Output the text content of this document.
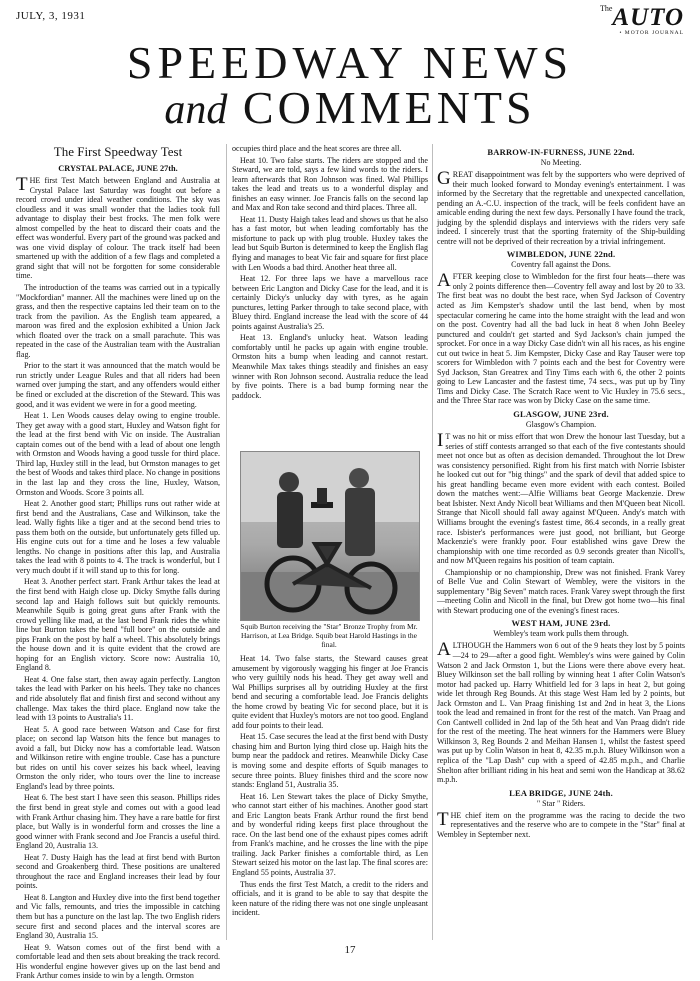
JULY, 3, 1931
$^{The}$AUTO
• MOTOR JOURNAL
SPEEDWAY NEWS
and COMMENTS
The First Speedway Test
CRYSTAL PALACE, JUNE 27th.

THE first Test Match between England and Australia at Crystal Palace last Saturday was fought out before a record crowd under ideal weather conditions. The sky was cloudless and it was small wonder that the ladies took full advantage to display their best frocks. The men folk were almost compelled by the heat to discard their coats and the effect was wonderful. Every part of the ground was packed and was one vivid display of colour. The track itself had been smartened up with the addition of a few flags and completed a grand sight that will not be forgotten for some considerable time.

The introduction of the teams was carried out in a typically "Mockfordian" manner. All the machines were lined up on the grass, and then the respective captains led their team on to the track from the pavilion. As the English team appeared, a maroon was fired and the explosion exhibited a Union Jack which floated over the track on a small parachute. This was repeated in the case of the Australian team with the Australian flag.

Prior to the start it was announced that the match would be run strictly under League Rules and that all riders had been warned over jumping the start, and any offenders would either be fined or excluded at the discretion of the Steward. This was good, and it was evident we were in for a good meeting.

Heat 1. Len Woods causes delay owing to engine trouble. They get away with a good start, Huxley and Watson fight for the lead at the first bend with Vic on inside. The Australian captain comes out of the bend with a lead of about one length with Ormston and Woods having a good tussle for third place. Third lap, Huxley still in the lead, but Ormston manages to get the best of Woods and takes third place. No change in positions in the last lap and they cross the line, Huxley, Watson, Ormston and Woods. Score 3 points all.

Heat 2. Another good start; Phillips runs out rather wide at first bend and the Australians, Case and Wilkinson, take the lead. Wally fights like a tiger and at the second bend tries to pass them both on the outside, but unfortunately gets filled up. His engine cuts out for a time and he loses a few valuable lengths. No change in positions after this lap, and Australia takes the lead with 8 points to 4. The track is wonderful, but I very much doubt if it will stand up to this for long.

Heat 3. Another perfect start. Frank Arthur takes the lead at the first bend with Haigh close up. Dicky Smythe falls during second lap and Haigh follows suit but quickly remounts. Meanwhile Squib is going great guns after Frank with the crowd yelling like mad, at the last bend Frank rides the white line but Burton takes the bend "full bore" on the outside and pips Frank on the post by half a wheel. This absolutely brings the house down and it is quite evident that the crowd are hoping for an English victory. Score now: Australia 10, England 8.

Heat 4. One false start, then away again perfectly. Langton takes the lead with Parker on his heels. They take no chances and ride absolutely flat and finish first and second without any challenge. Max takes the third place. England now take the lead with 13 points to Australia's 11.

Heat 5. A good race between Watson and Case for first place; on second lap Watson hits the fence but manages to avoid a fall, but Dicky now has a comfortable lead. Watson and Wilkinson retire with engine trouble. Case has a puncture but rides on until his cover seizes his back wheel, leaving Ormston the only rider, who tours over the line to increase England's lead by three points.

Heat 6. The best start I have seen this season. Phillips rides the first bend in great style and comes out with a good lead with Frank Arthur chasing him. They have a rare battle for first place, but Wally is in wonderful form and crosses the line a good winner with Frank second and Joe Francis a useful third. England 20, Australia 13.

Heat 7. Dusty Haigh has the lead at first bend with Burton second and Groakenberg third. These positions are unaltered throughout the race and England increases their lead by four points.

Heat 8. Langton and Huxley dive into the first bend together and Vic falls, remounts, and tries the impossible in catching them but has a puncture on the last lap. The two English riders secure first and second places and the interval scores are England 30, Australia 15.

Heat 9. Watson comes out of the first bend with a comfortable lead and then sets about breaking the track record. His wonderful engine however gives up on the last bend and Frank Arthur comes inside to win by a length. Ormston

occupies third place and the heat scores are three all.

Heat 10. Two false starts. The riders are stopped and the Steward, we are told, says a few kind words to the riders. I learn afterwards that Ron Johnson was fined. Wal Phillips takes the lead and treats us to a wonderful display and finishes an easy winner. Joe Francis falls on the second lap and Max and Ron take second and third places. Three all.

Heat 11. Dusty Haigh takes lead and shows us that he also has a fast motor, but when leading comfortably has the misfortune to pack up with plug trouble. Huxley takes the lead but Squib Burton is determined to keep the English flag flying and manages to beat Vic fair and square for first place with Len Woods a bad third. Another heat three all.

Heat 12. For three laps we have a marvellous race between Eric Langton and Dicky Case for the lead, and it is certainly Dicky's unlucky day with tyres, as he again punctures, letting Parker through to take second place, with Bluey third. England increase the lead with the score of 44 points against Australia's 25.

Heat 13. England's unlucky heat. Watson leading comfortably until he packs up again with engine trouble. Ormston hits a bump when leading and cannot restart. Meanwhile Max takes things steadily and finishes an easy winner with Ron Johnson second. Australia reduce the lead by five points. There is a bad bump forming near the paddock.

Squib Burton receiving the "Star" Bronze Trophy from Mr. Harrison, at Lea Bridge. Squib beat Harold Hastings in the final.

Heat 14. Two false starts, the Steward causes great amusement by vigorously wagging his finger at Joe Francis who very guiltily nods his head. They get away well and Wal Phillips surprises all by outriding Huxley at the first bend and securing a comfortable lead. Joe Francis delights the home crowd by beating Vic for second place, but it is quite evident that Huxley's motors are not too good. England add four points to their lead.

Heat 15. Case secures the lead at the first bend with Dusty chasing him and Burton lying third close up. Haigh hits the bump near the paddock and retires. Meanwhile Dicky Case is moving some and despite efforts of Squib manages to secure three points. Bluey finishes third and the score now stands: England 51, Australia 35.

Heat 16. Len Stewart takes the place of Dicky Smythe, who cannot start either of his machines. Another good start and Eric Langton beats Frank Arthur round the first bend and by wonderful riding keeps first place throughout the race. On the last bend one of the exhaust pipes comes adrift from Frank's machine, and he crosses the line with the pipe trailing. Jack Parker finishes a comfortable third, as Len Stewart seized his motor on the last lap. The final scores are: England 55 points, Australia 37.

Thus ends the first Test Match, a credit to the riders and officials, and it is grand to be able to say that despite the keen nature of the riding there was not one single unpleasant incident.

BARROW-IN-FURNESS, JUNE 22nd.
No Meeting.

GREAT disappointment was felt by the supporters who were deprived of their much looked forward to Monday evening's entertainment. I was informed by the Secretary that the regrettable and unexpected cancellation, pending an A.-C.U. inspection of the track, will be feels confident have an amicable ending during the next few days. Personally I have found the track, judging by the splendid displays and interviews with the riders very safe indeed. I sincerely trust that the sporting fraternity of the Ship-building centre will not be deprived of their recreation by a trivial infringement.

WIMBLEDON, JUNE 22nd.
Coventry fall against the Dons.

AFTER keeping close to Wimbledon for the first four heats—there was only 2 points difference then—Coventry fell away and lost by 20 to 33. The first beat was no doubt the best race, when Syd Jackson of Coventry acted as Jim Kempster's shadow until the last bend, when by most spectacular cornering he came into the home straight with the lead and won on the post. Coventry had all the bad luck in heat 8 when John Beeley punctured and couldn't get started and Syd Jackson's chain jumped the sprocket. For once in a way Dicky Case didn't win all his races, as his engine cut out twice in heat 5. Jim Kempster, Dicky Case and Ray Tauser were top scorers for Wimbledon with 7 points each and the best for Coventry were Syd Jackson, Stan Greatrex and Tiny Tims each with 6, the other 2 points going to Lew Lancaster and the fastest time, 74 secs., was put up by Tiny Tims and Dicky Case. The Scratch Race went to Vic Huxley in 75.6 secs., and the Three Star race was won by Dicky Case on the same time.

GLASGOW, JUNE 23rd.
Glasgow's Champion.

I T was no hit or miss effort that won Drew the honour last Tuesday, but a series of stiff contests arranged so that each of the five contestants should meet not once but as often as decision demanded. Throughout the lot Drew was consistency personified. Right from his first match with Norrie Isbister he looked cut out for "big things" and the spark of devil that added spice to his great handling became even more evident with each contest. Boiled down the matches went:—Alfie Williams beat George Mackenzie. Drew beat Isbister. Next Andy Nicoll beat Williams and then M'Queen beat Nicoll. Strange that Nicoll should fall away against M'Queen. Andy's match with Williams brought the evening's fastest time, 86.4 seconds, in a really great race. Isbister's performances were just good, not brilliant, but George Mackenzie's were frankly poor. Four established wins gave Drew the championship with one time recorded as 0.9 seconds greater than Nicoll's, and now M'Queen regains his position of team captain.

Championship or no championship, Drew was not finished. Frank Varey of Belle Vue and Colin Stewart of Wembley, were the visitors in the supplementary "Big Seven" match races. Frank Varey swept through the first—meeting Colin and Nicoll in the final, but Drew got home two—his final with Stewart producing one of the evening's finest races.

WEST HAM, JUNE 23rd.
Wembley's team work pulls them through.

ALTHOUGH the Hammers won 6 out of the 9 heats they lost by 5 points—24 to 29—after a good fight. Wembley's wins were gained by Colin Watson 2 and Jack Ormston 1, but the Lions were there above every heat. Bluey Wilkinson set the ball rolling by winning heat 1 after Colin Watson's motor had packed up. Harry Whitfield led for 3 laps in heat 2, but going wide let through Reg Bounds. At this stage West Ham led by 2 points, but Jack Ormston and L. Van Praag finishing 1st and 2nd in heat 3, the Lions took the lead and remained in front for the rest of the match. Van Praag and Con Cantwell collided in 2nd lap of the 5th heat and Van Praag didn't ride for the rest of the meeting. The heat winners for the Hammers were Bluey Wilkinson 3, Reg Bounds 2 and Meihan Hansen 1, whilst the fastest speed was put up by Colin Watson in heat 8, 42.35 m.p.h. Bluey Wilkinson won a replica of the "Lap Dash" cup with a speed of 42.85 m.p.h., and Charlie Shelton after brilliant riding in his heat and semi won the Handicap at 38.62 m.p.h.

LEA BRIDGE, JUNE 24th.
" Star " Riders.

THE chief item on the programme was the racing to decide the two representatives and the reserve who are to compete in the "Star" final at Wembley in September next.

17
